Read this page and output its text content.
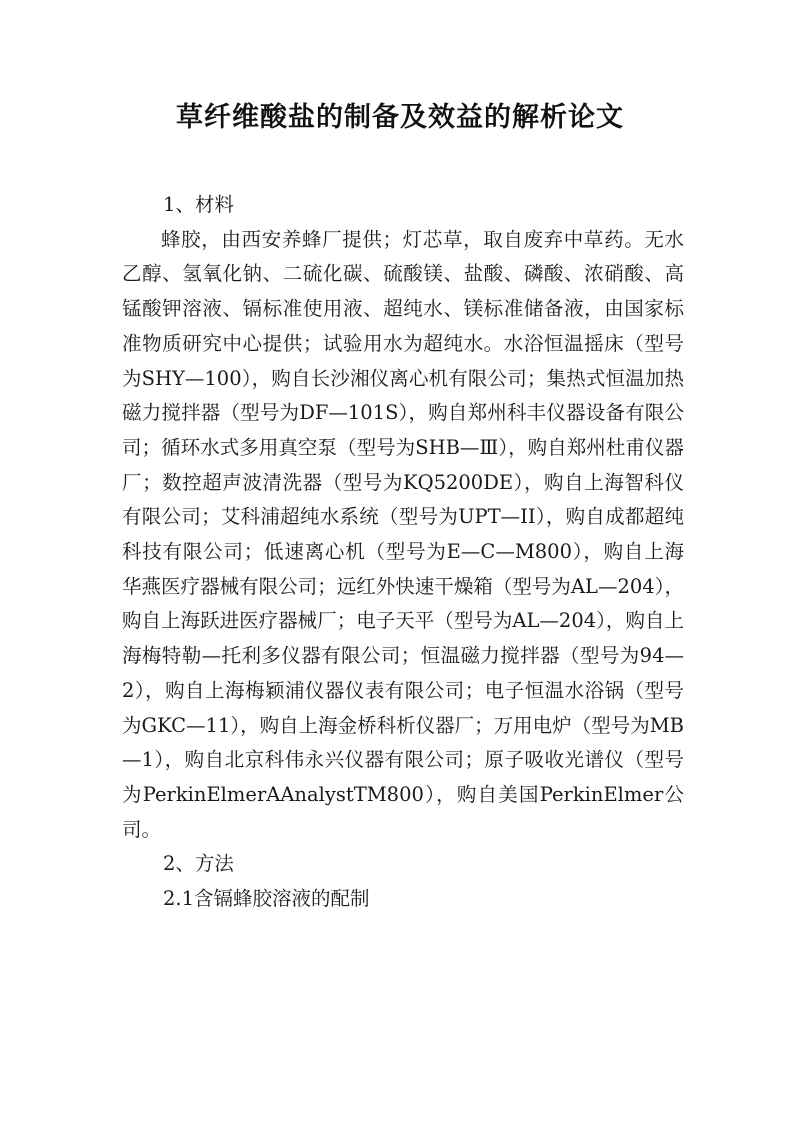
草纤维酸盐的制备及效益的解析论文

1、材料

蜂胶，由西安养蜂厂提供；灯芯草，取自废弃中草药。无水乙醇、氢氧化钠、二硫化碳、硫酸镁、盐酸、磷酸、浓硝酸、高锰酸钾溶液、镉标准使用液、超纯水、镁标准储备液，由国家标准物质研究中心提供；试验用水为超纯水。水浴恒温摇床（型号为SHY—100），购自长沙湘仪离心机有限公司；集热式恒温加热磁力搅拌器（型号为DF—101S），购自郑州科丰仪器设备有限公司；循环水式多用真空泵（型号为SHB—Ⅲ），购自郑州杜甫仪器厂；数控超声波清洗器（型号为KQ5200DE），购自上海智科仪有限公司；艾科浦超纯水系统（型号为UPT—II），购自成都超纯科技有限公司；低速离心机（型号为E—C—M800），购自上海华燕医疗器械有限公司；远红外快速干燥箱（型号为AL—204），购自上海跃进医疗器械厂；电子天平（型号为AL—204），购自上海梅特勒—托利多仪器有限公司；恒温磁力搅拌器（型号为94—2），购自上海梅颖浦仪器仪表有限公司；电子恒温水浴锅（型号为GKC—11），购自上海金桥科析仪器厂；万用电炉（型号为MB—1），购自北京科伟永兴仪器有限公司；原子吸收光谱仪（型号为PerkinElmerAAnalystTM800），购自美国PerkinElmer公司。

2、方法

2.1含镉蜂胶溶液的配制
